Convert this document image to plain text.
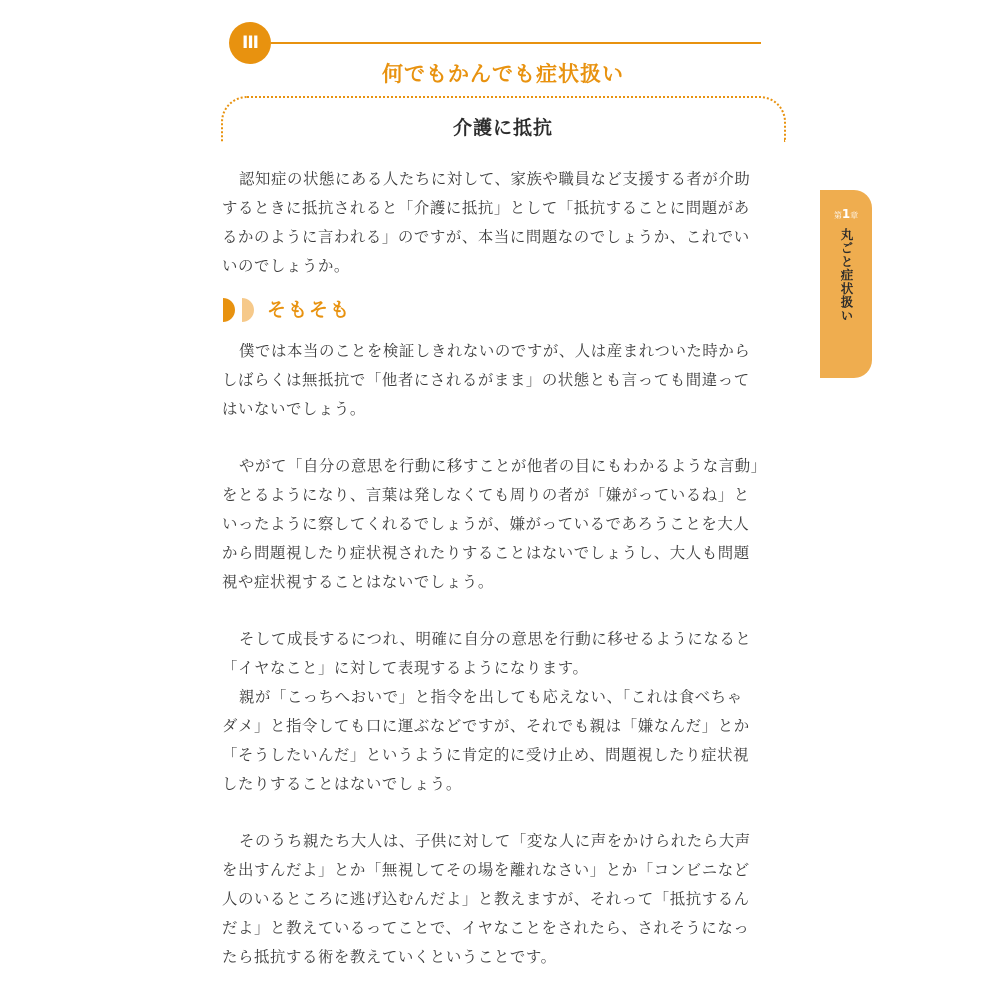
III
何でもかんでも症状扱い
介護に抵抗
認知症の状態にある人たちに対して、家族や職員など支援する者が介助
するときに抵抗されると「介護に抵抗」として「抵抗することに問題があ
るかのように言われる」のですが、本当に問題なのでしょうか、これでい
いのでしょうか。
そもそも
僕では本当のことを検証しきれないのですが、人は産まれついた時から
しばらくは無抵抗で「他者にされるがまま」の状態とも言っても間違って
はいないでしょう。
やがて「自分の意思を行動に移すことが他者の目にもわかるような言動」
をとるようになり、言葉は発しなくても周りの者が「嫌がっているね」と
いったように察してくれるでしょうが、嫌がっているであろうことを大人
から問題視したり症状視されたりすることはないでしょうし、大人も問題
視や症状視することはないでしょう。
そして成長するにつれ、明確に自分の意思を行動に移せるようになると
「イヤなこと」に対して表現するようになります。
親が「こっちへおいで」と指令を出しても応えない、「これは食べちゃ
ダメ」と指令しても口に運ぶなどですが、それでも親は「嫌なんだ」とか
「そうしたいんだ」というように肯定的に受け止め、問題視したり症状視
したりすることはないでしょう。
そのうち親たち大人は、子供に対して「変な人に声をかけられたら大声
を出すんだよ」とか「無視してその場を離れなさい」とか「コンビニなど
人のいるところに逃げ込むんだよ」と教えますが、それって「抵抗するん
だよ」と教えているってことで、イヤなことをされたら、されそうになっ
たら抵抗する術を教えていくということです。
第1章
丸ごと症状扱い
